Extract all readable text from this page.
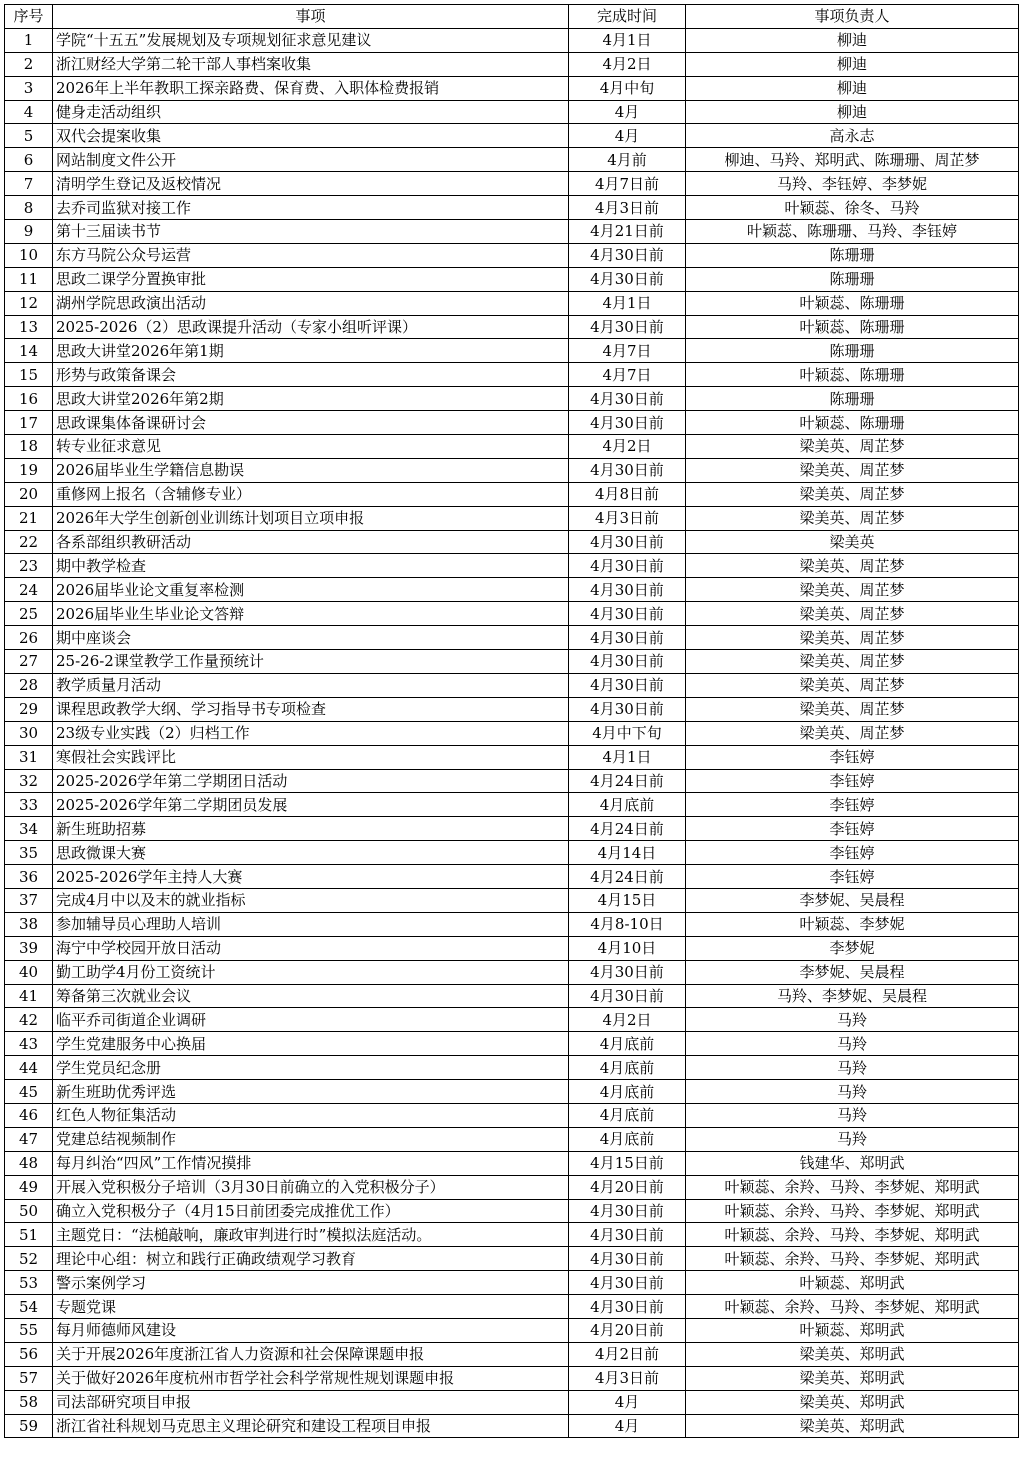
序号	事项	完成时间	事项负责人
1	学院“十五五”发展规划及专项规划征求意见建议	4月1日	柳迪
2	浙江财经大学第二轮干部人事档案收集	4月2日	柳迪
3	2026年上半年教职工探亲路费、保育费、入职体检费报销	4月中旬	柳迪
4	健身走活动组织	4月	柳迪
5	双代会提案收集	4月	高永志
6	网站制度文件公开	4月前	柳迪、马羚、郑明武、陈珊珊、周芷梦
7	清明学生登记及返校情况	4月7日前	马羚、李钰婷、李梦妮
8	去乔司监狱对接工作	4月3日前	叶颖蕊、徐冬、马羚
9	第十三届读书节	4月21日前	叶颖蕊、陈珊珊、马羚、李钰婷
10	东方马院公众号运营	4月30日前	陈珊珊
11	思政二课学分置换审批	4月30日前	陈珊珊
12	湖州学院思政演出活动	4月1日	叶颖蕊、陈珊珊
13	2025-2026（2）思政课提升活动（专家小组听评课）	4月30日前	叶颖蕊、陈珊珊
14	思政大讲堂2026年第1期	4月7日	陈珊珊
15	形势与政策备课会	4月7日	叶颖蕊、陈珊珊
16	思政大讲堂2026年第2期	4月30日前	陈珊珊
17	思政课集体备课研讨会	4月30日前	叶颖蕊、陈珊珊
18	转专业征求意见	4月2日	梁美英、周芷梦
19	2026届毕业生学籍信息勘误	4月30日前	梁美英、周芷梦
20	重修网上报名（含辅修专业）	4月8日前	梁美英、周芷梦
21	2026年大学生创新创业训练计划项目立项申报	4月3日前	梁美英、周芷梦
22	各系部组织教研活动	4月30日前	梁美英
23	期中教学检查	4月30日前	梁美英、周芷梦
24	2026届毕业论文重复率检测	4月30日前	梁美英、周芷梦
25	2026届毕业生毕业论文答辩	4月30日前	梁美英、周芷梦
26	期中座谈会	4月30日前	梁美英、周芷梦
27	25-26-2课堂教学工作量预统计	4月30日前	梁美英、周芷梦
28	教学质量月活动	4月30日前	梁美英、周芷梦
29	课程思政教学大纲、学习指导书专项检查	4月30日前	梁美英、周芷梦
30	23级专业实践（2）归档工作	4月中下旬	梁美英、周芷梦
31	寒假社会实践评比	4月1日	李钰婷
32	2025-2026学年第二学期团日活动	4月24日前	李钰婷
33	2025-2026学年第二学期团员发展	4月底前	李钰婷
34	新生班助招募	4月24日前	李钰婷
35	思政微课大赛	4月14日	李钰婷
36	2025-2026学年主持人大赛	4月24日前	李钰婷
37	完成4月中以及末的就业指标	4月15日	李梦妮、吴晨程
38	参加辅导员心理助人培训	4月8-10日	叶颖蕊、李梦妮
39	海宁中学校园开放日活动	4月10日	李梦妮
40	勤工助学4月份工资统计	4月30日前	李梦妮、吴晨程
41	筹备第三次就业会议	4月30日前	马羚、李梦妮、吴晨程
42	临平乔司街道企业调研	4月2日	马羚
43	学生党建服务中心换届	4月底前	马羚
44	学生党员纪念册	4月底前	马羚
45	新生班助优秀评选	4月底前	马羚
46	红色人物征集活动	4月底前	马羚
47	党建总结视频制作	4月底前	马羚
48	每月纠治“四风”工作情况摸排	4月15日前	钱建华、郑明武
49	开展入党积极分子培训（3月30日前确立的入党积极分子）	4月20日前	叶颖蕊、余羚、马羚、李梦妮、郑明武
50	确立入党积极分子（4月15日前团委完成推优工作）	4月30日前	叶颖蕊、余羚、马羚、李梦妮、郑明武
51	主题党日：“法槌敲响，廉政审判进行时”模拟法庭活动。	4月30日前	叶颖蕊、余羚、马羚、李梦妮、郑明武
52	理论中心组：树立和践行正确政绩观学习教育	4月30日前	叶颖蕊、余羚、马羚、李梦妮、郑明武
53	警示案例学习	4月30日前	叶颖蕊、郑明武
54	专题党课	4月30日前	叶颖蕊、余羚、马羚、李梦妮、郑明武
55	每月师德师风建设	4月20日前	叶颖蕊、郑明武
56	关于开展2026年度浙江省人力资源和社会保障课题申报	4月2日前	梁美英、郑明武
57	关于做好2026年度杭州市哲学社会科学常规性规划课题申报	4月3日前	梁美英、郑明武
58	司法部研究项目申报	4月	梁美英、郑明武
59	浙江省社科规划马克思主义理论研究和建设工程项目申报	4月	梁美英、郑明武
